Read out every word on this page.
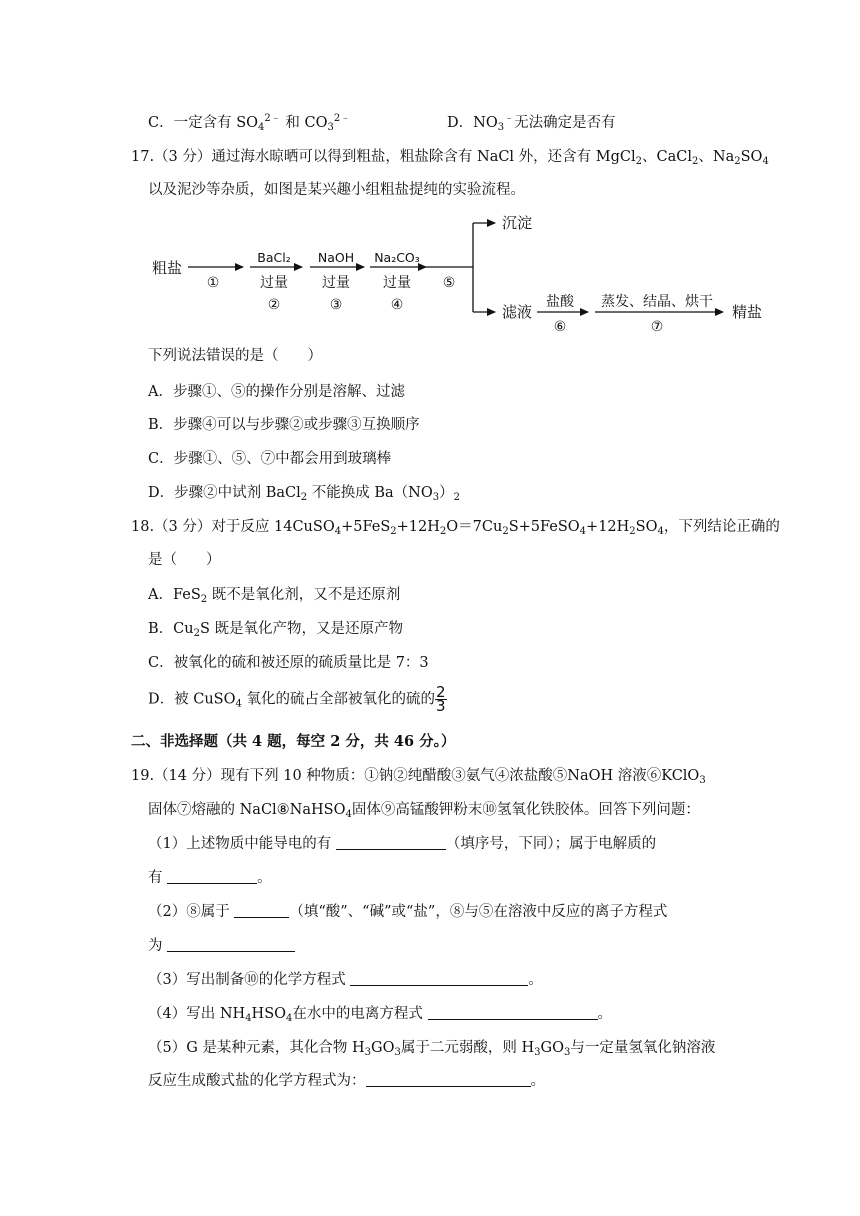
C．一定含有 $SO_4^{2﹣}$ 和 $CO_3^{2﹣}$	D．$NO_3^﹣$无法确定是否有
17.（3 分）通过海水晾晒可以得到粗盐，粗盐除含有 NaCl 外，还含有 MgCl$_2$、CaCl$_2$、$Na_2SO_4$
以及泥沙等杂质，如图是某兴趣小组粗盐提纯的实验流程。
粗盐
①
BaCl₂
过量
②
NaOH
过量
③
Na₂CO₃
过量
④
⑤
沉淀
滤液
盐酸
⑥
蒸发、结晶、烘干
⑦
精盐
下列说法错误的是（　　）
A．步骤①、⑤的操作分别是溶解、过滤
B．步骤④可以与步骤②或步骤③互换顺序
C．步骤①、⑤、⑦中都会用到玻璃棒
D．步骤②中试剂 BaCl$_2$ 不能换成 $Ba(NO_3)_2$
18.（3 分）对于反应 $14CuSO_4+5FeS_2+12H_2O=7Cu_2S+5FeSO_4+12H_2SO_4$，下列结论正确的
是（　　）
A．FeS$_2$ 既不是氧化剂，又不是还原剂
B．$Cu_2S$ 既是氧化产物，又是还原产物
C．被氧化的硫和被还原的硫质量比是 7：3
D．被 CuSO$_4$ 氧化的硫占全部被氧化的硫的 $\frac{2}{3}$
二、非选择题（共 4 题，每空 2 分，共 46 分。）
19.（14 分）现有下列 10 种物质：①钠②纯醋酸③氨气④浓盐酸⑤NaOH 溶液⑥KClO$_3$
固体⑦熔融的 NaCl⑧NaHSO$_4$固体⑨高锰酸钾粉末⑩氢氧化铁胶体。回答下列问题：
（1）上述物质中能导电的有	（填序号，下同）；属于电解质的
有	。
（2）⑧属于	（填“酸”、“碱”或“盐”，⑧与⑤在溶液中反应的离子方程式
为
（3）写出制备⑩的化学方程式	。
（4）写出 $NH_4HSO_4$在水中的电离方程式	。
（5）G 是某种元素，其化合物 $H_3GO_3$属于二元弱酸，则 $H_3GO_3$与一定量氢氧化钠溶液
反应生成酸式盐的化学方程式为：	。
